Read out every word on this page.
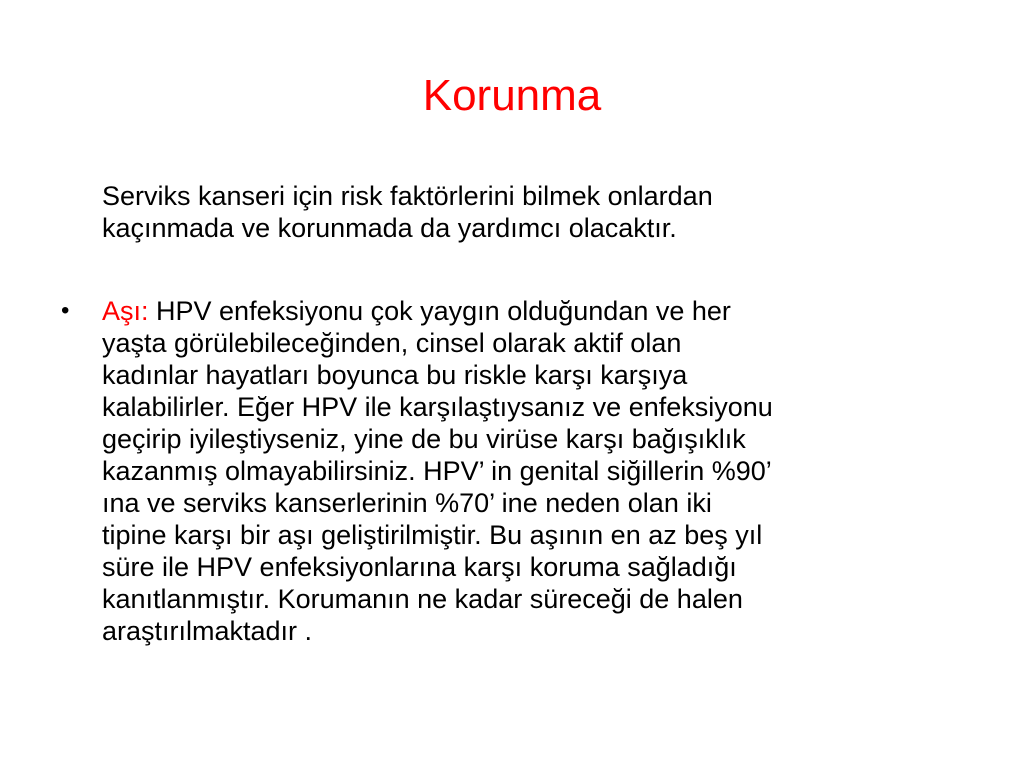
Korunma

Serviks kanseri için risk faktörlerini bilmek onlardan
kaçınmada ve korunmada da yardımcı olacaktır.

•	Aşı: HPV enfeksiyonu çok yaygın olduğundan ve her
yaşta görülebileceğinden, cinsel olarak aktif olan
kadınlar hayatları boyunca bu riskle karşı karşıya
kalabilirler. Eğer HPV ile karşılaştıysanız ve enfeksiyonu
geçirip iyileştiyseniz, yine de bu virüse karşı bağışıklık
kazanmış olmayabilirsiniz. HPV’ in genital siğillerin %90’
ına ve serviks kanserlerinin %70’ ine neden olan iki
tipine karşı bir aşı geliştirilmiştir. Bu aşının en az beş yıl
süre ile HPV enfeksiyonlarına karşı koruma sağladığı
kanıtlanmıştır. Korumanın ne kadar süreceği de halen
araştırılmaktadır .
